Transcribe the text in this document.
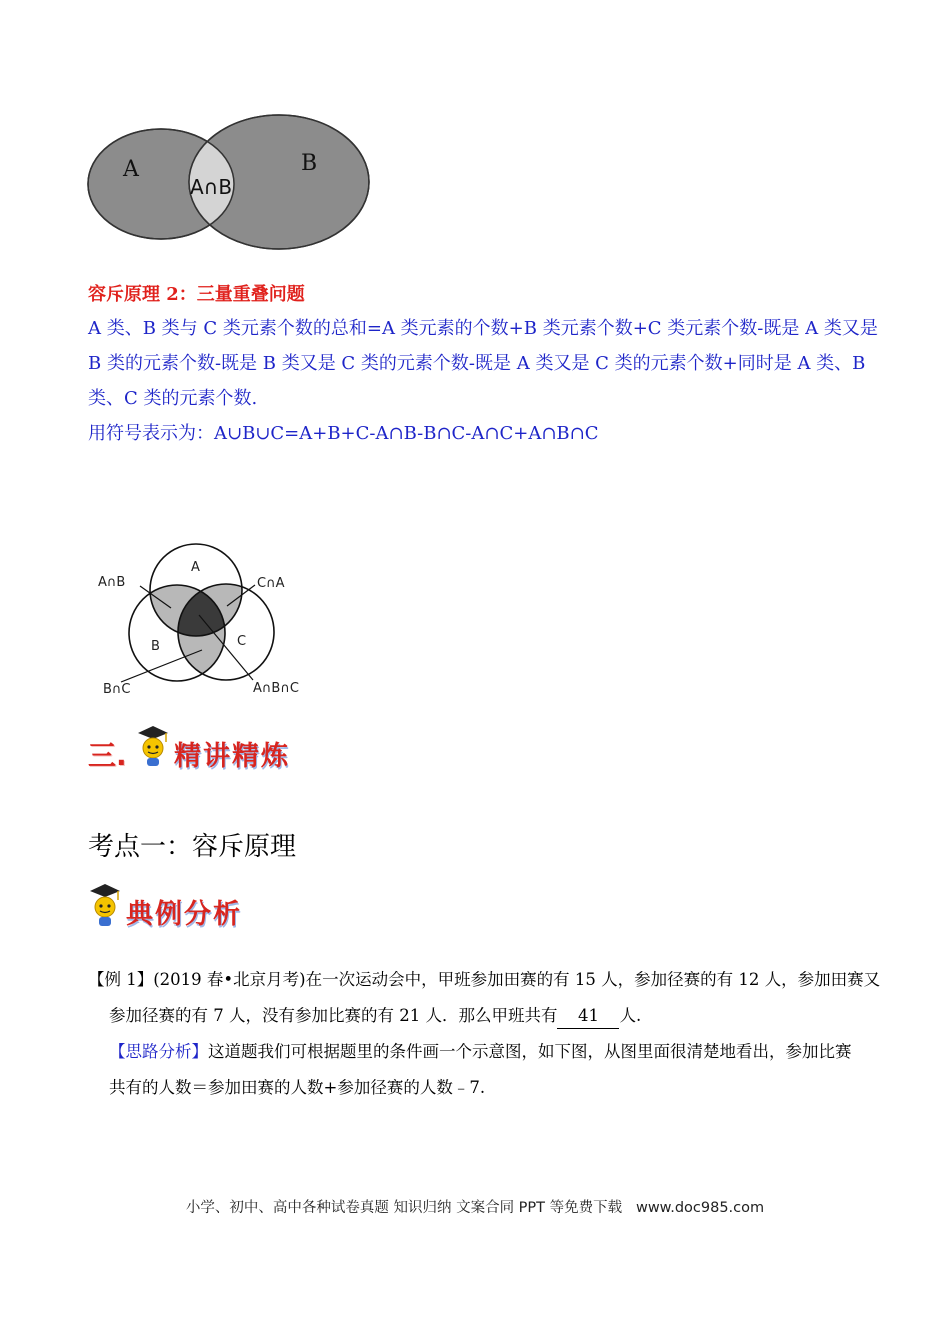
A	B
A∩B
容斥原理 2：三量重叠问题
A 类、B 类与 C 类元素个数的总和=A 类元素的个数+B 类元素个数+C 类元素个数-既是 A 类又是
B 类的元素个数-既是 B 类又是 C 类的元素个数-既是 A 类又是 C 类的元素个数+同时是 A 类、B
类、C 类的元素个数.
用符号表示为：A∪B∪C=A+B+C-A∩B-B∩C-A∩C+A∩B∩C
A
B	C
A∩B	C∩A
B∩C	A∩B∩C
三. 精讲精炼
考点一：容斥原理
典例分析
【例 1】(2019 春•北京月考)在一次运动会中，甲班参加田赛的有 15 人，参加径赛的有 12 人，参加田赛又
参加径赛的有 7 人，没有参加比赛的有 21 人．那么甲班共有 41 人.
【思路分析】这道题我们可根据题里的条件画一个示意图，如下图，从图里面很清楚地看出，参加比赛
共有的人数＝参加田赛的人数+参加径赛的人数﹣7.
小学、初中、高中各种试卷真题 知识归纳 文案合同 PPT 等免费下载   www.doc985.com
